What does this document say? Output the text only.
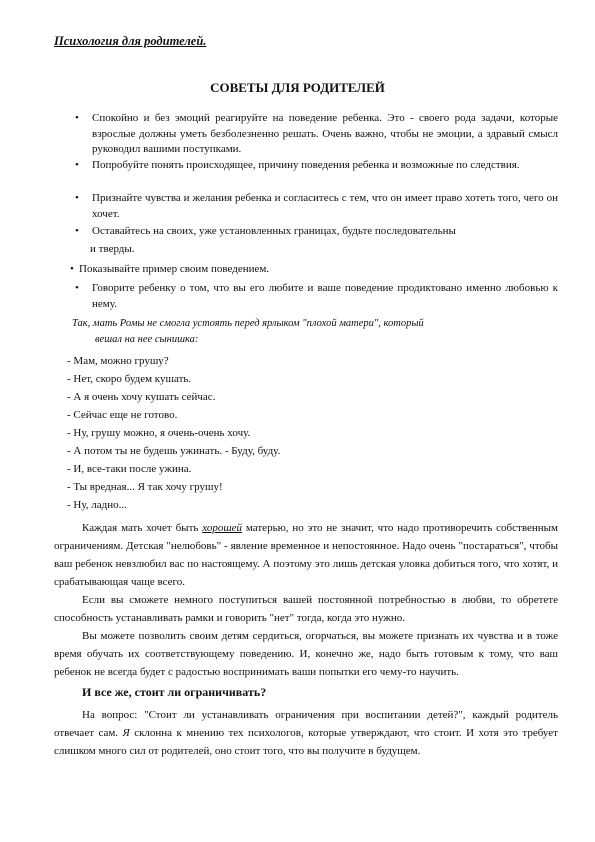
Психология для родителей.
СОВЕТЫ ДЛЯ РОДИТЕЛЕЙ
• Спокойно и без эмоций реагируйте на поведение ребенка. Это - своего рода задачи, которые взрослые должны уметь безболезненно решать. Очень важно, чтобы не эмоции, а здравый смысл руководил вашими поступками.
• Попробуйте понять происходящее, причину поведения ребенка и возможные по следствия.
• Признайте чувства и желания ребенка и согласитесь с тем, что он имеет право хотеть того, чего он хочет.
• Оставайтесь на своих, уже установленных границах, будьте последовательны
и тверды.
• Показывайте пример своим поведением.
• Говорите ребенку о том, что вы его любите и ваше поведение продиктовано именно любовью к нему.
Так, мать Ромы не смогла устоять перед ярлыком "плохой матери", который
вешал на нее сынишка:
- Мам, можно грушу?
- Нет, скоро будем кушать.
- А я очень хочу кушать сейчас.
- Сейчас еще не готово.
- Ну, грушу можно, я очень-очень хочу.
- А потом ты не будешь ужинать. - Буду, буду.
- И, все-таки после ужина.
- Ты вредная... Я так хочу грушу!
- Ну, ладно...
Каждая мать хочет быть хорошей матерью, но это не значит, что надо противоречить собственным ограничениям. Детская "нелюбовь" - явление временное и непостоянное. Надо очень "постараться", чтобы ваш ребенок невзлюбил вас по настоящему. А поэтому это лишь детская уловка добиться того, что хотят, и срабатывающая чаще всего.
Если вы сможете немного поступиться вашей постоянной потребностью в любви, то обретете способность устанавливать рамки и говорить "нет" тогда, когда это нужно.
Вы можете позволить своим детям сердиться, огорчаться, вы можете признать их чувства и в тоже время обучать их соответствующему поведению. И, конечно же, надо быть готовым к тому, что ваш ребенок не всегда будет с радостью воспринимать ваши попытки его чему-то научить.
И все же, стоит ли ограничивать?
На вопрос: "Стоит ли устанавливать ограничения при воспитании детей?", каждый родитель отвечает сам. Я склонна к мнению тех психологов, которые утверждают, что стоит. И хотя это требует слишком много сил от родителей, оно стоит того, что вы получите в будущем.
